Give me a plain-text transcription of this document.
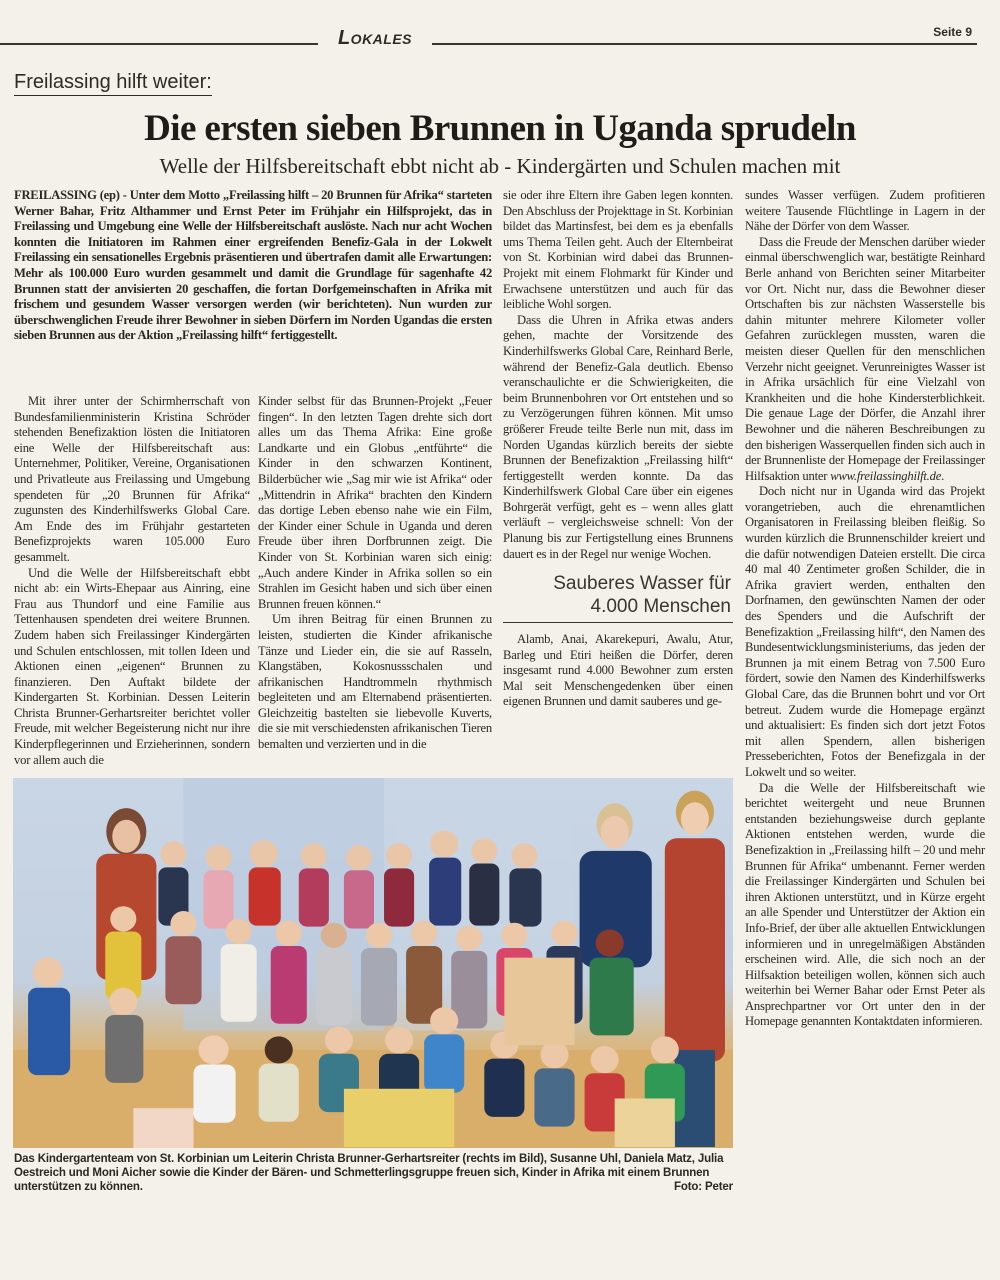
Lokales	Seite 9
Freilassing hilft weiter:
Die ersten sieben Brunnen in Uganda sprudeln
Welle der Hilfsbereitschaft ebbt nicht ab - Kindergärten und Schulen machen mit
FREILASSING (ep) - Unter dem Motto „Freilassing hilft – 20 Brunnen für Afrika“ starteten Werner Bahar, Fritz Althammer und Ernst Peter im Frühjahr ein Hilfsprojekt, das in Freilassing und Umgebung eine Welle der Hilfsbereitschaft auslöste. Nach nur acht Wochen konnten die Initiatoren im Rahmen einer ergreifenden Benefiz-Gala in der Lokwelt Freilassing ein sensationelles Ergebnis präsentieren und übertrafen damit alle Erwartungen: Mehr als 100.000 Euro wurden gesammelt und damit die Grundlage für sagenhafte 42 Brunnen statt der anvisierten 20 geschaffen, die fortan Dorfgemeinschaften in Afrika mit frischem und gesundem Wasser versorgen werden (wir berichteten). Nun wurden zur überschwenglichen Freude ihrer Bewohner in sieben Dörfern im Norden Ugandas die ersten sieben Brunnen aus der Aktion „Freilassing hilft“ fertiggestellt.

Mit ihrer unter der Schirmherrschaft von Bundesfamilienministerin Kristina Schröder stehenden Benefizaktion lösten die Initiatoren eine Welle der Hilfsbereitschaft aus: Unternehmer, Politiker, Vereine, Organisationen und Privatleute aus Freilassing und Umgebung spendeten für „20 Brunnen für Afrika“ zugunsten des Kinderhilfswerks Global Care. Am Ende des im Frühjahr gestarteten Benefizprojekts waren 105.000 Euro gesammelt.

Und die Welle der Hilfsbereitschaft ebbt nicht ab: ein Wirts-Ehepaar aus Ainring, eine Frau aus Thundorf und eine Familie aus Tettenhausen spendeten drei weitere Brunnen. Zudem haben sich Freilassinger Kindergärten und Schulen entschlossen, mit tollen Ideen und Aktionen einen „eigenen“ Brunnen zu finanzieren. Den Auftakt bildete der Kindergarten St. Korbinian. Dessen Leiterin Christa Brunner-Gerhartsreiter berichtet voller Freude, mit welcher Begeisterung nicht nur ihre Kinderpflegerinnen und Erzieherinnen, sondern vor allem auch die

Kinder selbst für das Brunnen-Projekt „Feuer fingen“. In den letzten Tagen drehte sich dort alles um das Thema Afrika: Eine große Landkarte und ein Globus „entführte“ die Kinder in den schwarzen Kontinent, Bilderbücher wie „Sag mir wie ist Afrika“ oder „Mittendrin in Afrika“ brachten den Kindern das dortige Leben ebenso nahe wie ein Film, der Kinder einer Schule in Uganda und deren Freude über ihren Dorfbrunnen zeigt. Die Kinder von St. Korbinian waren sich einig: „Auch andere Kinder in Afrika sollen so ein Strahlen im Gesicht haben und sich über einen Brunnen freuen können.“

Um ihren Beitrag für einen Brunnen zu leisten, studierten die Kinder afrikanische Tänze und Lieder ein, die sie auf Rasseln, Klangstäben, Kokosnussschalen und afrikanischen Handtrommeln rhythmisch begleiteten und am Elternabend präsentierten. Gleichzeitig bastelten sie liebevolle Kuverts, die sie mit verschiedensten afrikanischen Tieren bemalten und verzierten und in die

sie oder ihre Eltern ihre Gaben legen konnten. Den Abschluss der Projekttage in St. Korbinian bildet das Martinsfest, bei dem es ja ebenfalls ums Thema Teilen geht. Auch der Elternbeirat von St. Korbinian wird dabei das Brunnen-Projekt mit einem Flohmarkt für Kinder und Erwachsene unterstützen und auch für das leibliche Wohl sorgen.

Dass die Uhren in Afrika etwas anders gehen, machte der Vorsitzende des Kinderhilfswerks Global Care, Reinhard Berle, während der Benefiz-Gala deutlich. Ebenso veranschaulichte er die Schwierigkeiten, die beim Brunnenbohren vor Ort entstehen und so zu Verzögerungen führen können. Mit umso größerer Freude teilte Berle nun mit, dass im Norden Ugandas kürzlich bereits der siebte Brunnen der Benefizaktion „Freilassing hilft“ fertiggestellt werden konnte. Da das Kinderhilfswerk Global Care über ein eigenes Bohrgerät verfügt, geht es – wenn alles glatt verläuft – vergleichsweise schnell: Von der Planung bis zur Fertigstellung eines Brunnens dauert es in der Regel nur wenige Wochen.

Sauberes Wasser für
4.000 Menschen

Alamb, Anai, Akarekepuri, Awalu, Atur, Barleg und Etiri heißen die Dörfer, deren insgesamt rund 4.000 Bewohner zum ersten Mal seit Menschengedenken über einen eigenen Brunnen und damit sauberes und ge-

sundes Wasser verfügen. Zudem profitieren weitere Tausende Flüchtlinge in Lagern in der Nähe der Dörfer von dem Wasser.

Dass die Freude der Menschen darüber wieder einmal überschwenglich war, bestätigte Reinhard Berle anhand von Berichten seiner Mitarbeiter vor Ort. Nicht nur, dass die Bewohner dieser Ortschaften bis zur nächsten Wasserstelle bis dahin mitunter mehrere Kilometer voller Gefahren zurücklegen mussten, waren die meisten dieser Quellen für den menschlichen Verzehr nicht geeignet. Verunreinigtes Wasser ist in Afrika ursächlich für eine Vielzahl von Krankheiten und die hohe Kindersterblichkeit. Die genaue Lage der Dörfer, die Anzahl ihrer Bewohner und die näheren Beschreibungen zu den bisherigen Wasserquellen finden sich auch in der Brunnenliste der Homepage der Freilassinger Hilfsaktion unter www.freilassinghilft.de.

Doch nicht nur in Uganda wird das Projekt vorangetrieben, auch die ehrenamtlichen Organisatoren in Freilassing bleiben fleißig. So wurden kürzlich die Brunnenschilder kreiert und die dafür notwendigen Dateien erstellt. Die circa 40 mal 40 Zentimeter großen Schilder, die in Afrika graviert werden, enthalten den Dorfnamen, den gewünschten Namen der oder des Spenders und die Aufschrift der Benefizaktion „Freilassing hilft“, den Namen des Bundesentwicklungsministeriums, das jeden der Brunnen ja mit einem Betrag von 7.500 Euro fördert, sowie den Namen des Kinderhilfswerks Global Care, das die Brunnen bohrt und vor Ort betreut. Zudem wurde die Homepage ergänzt und aktualisiert: Es finden sich dort jetzt Fotos mit allen Spendern, allen bisherigen Presseberichten, Fotos der Benefizgala in der Lokwelt und so weiter.

Da die Welle der Hilfsbereitschaft wie berichtet weitergeht und neue Brunnen entstanden beziehungsweise durch geplante Aktionen entstehen werden, wurde die Benefizaktion in „Freilassing hilft – 20 und mehr Brunnen für Afrika“ umbenannt. Ferner werden die Freilassinger Kindergärten und Schulen bei ihren Aktionen unterstützt, und in Kürze ergeht an alle Spender und Unterstützer der Aktion ein Info-Brief, der über alle aktuellen Entwicklungen informieren und in unregelmäßigen Abständen erscheinen wird. Alle, die sich noch an der Hilfsaktion beteiligen wollen, können sich auch weiterhin bei Werner Bahar oder Ernst Peter als Ansprechpartner vor Ort unter den in der Homepage genannten Kontaktdaten informieren.

Das Kindergartenteam von St. Korbinian um Leiterin Christa Brunner-Gerhartsreiter (rechts im Bild), Susanne Uhl, Daniela Matz, Julia Oestreich und Moni Aicher sowie die Kinder der Bären- und Schmetterlingsgruppe freuen sich, Kinder in Afrika mit einem Brunnen unterstützen zu können.	Foto: Peter
